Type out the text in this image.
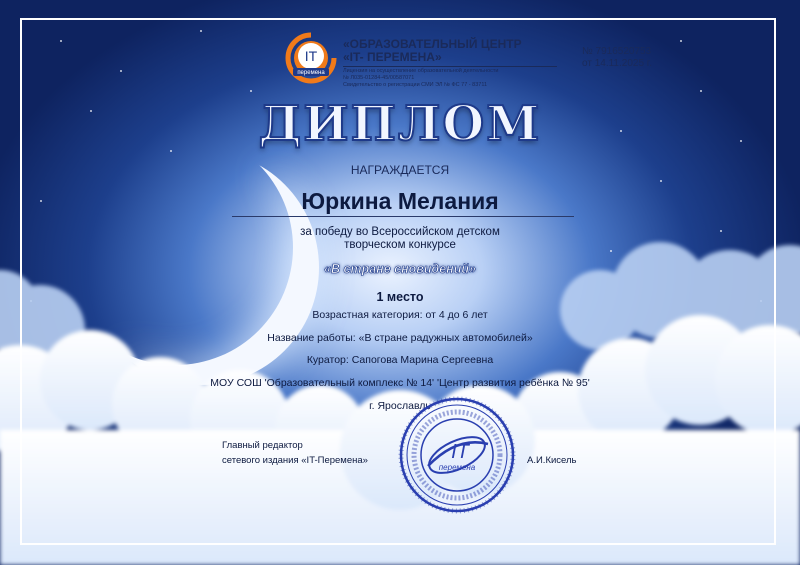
IT
перемена
«ОБРАЗОВАТЕЛЬНЫЙ ЦЕНТР
«IT- ПЕРЕМЕНА»
Лицензия на осуществление образовательной деятельности
№ Л035-01284-45/00587071
Свидетельство о регистрации СМИ ЭЛ № ФС 77 - 83711
№ 7916520753
от 14.11.2025 г.
ДИПЛОМ
НАГРАЖДАЕТСЯ
Юркина Мелания
за победу во Всероссийском детском
творческом конкурсе
«В стране сновидений»
1 место
Возрастная категория: от 4 до 6 лет
Название работы: «В стране радужных автомобилей»
Куратор: Сапогова Марина Сергеевна
МОУ СОШ 'Образовательный комплекс № 14' 'Центр развития ребёнка № 95'
г. Ярославль
Главный редактор
сетевого издания «IT-Перемена»	IT
перемена
А.И.Кисель
